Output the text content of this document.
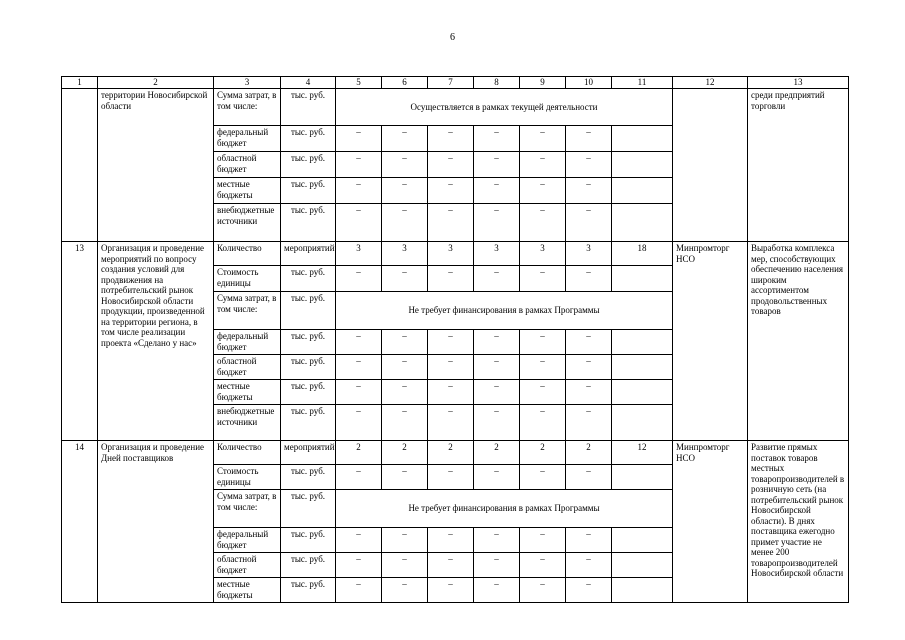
6
1	2	3	4	5	6	7	8	9	10	11	12	13
	территории Новосибирской области	Сумма затрат, в том числе:	тыс. руб.	Осуществляется в рамках текущей деятельности								среди предприятий торговли
		федеральный бюджет	тыс. руб.	–	–	–	–	–	–			
		областной бюджет	тыс. руб.	–	–	–	–	–	–			
		местные бюджеты	тыс. руб.	–	–	–	–	–	–			
		внебюджетные источники	тыс. руб.	–	–	–	–	–	–			
13	Организация и проведение мероприятий по вопросу создания условий для продвижения на потребительский рынок Новосибирской области продукции, произведенной на территории региона, в том числе реализации проекта «Сделано у нас»	Количество	мероприятий	3	3	3	3	3	3	18	Минпромторг НСО	Выработка комплекса мер, способствующих обеспечению населения широким ассортиментом продовольственных товаров
		Стоимость единицы	тыс. руб.	–	–	–	–	–	–			
		Сумма затрат, в том числе:	тыс. руб.	Не требует финансирования в рамках Программы								
		федеральный бюджет	тыс. руб.	–	–	–	–	–	–			
		областной бюджет	тыс. руб.	–	–	–	–	–	–			
		местные бюджеты	тыс. руб.	–	–	–	–	–	–			
		внебюджетные источники	тыс. руб.	–	–	–	–	–	–			
14	Организация и проведение Дней поставщиков	Количество	мероприятий	2	2	2	2	2	2	12	Минпромторг НСО	Развитие прямых поставок товаров местных товаропроизводителей в розничную сеть (на потребительский рынок Новосибирской области). В днях поставщика ежегодно примет участие не менее 200 товаропроизводителей Новосибирской области
		Стоимость единицы	тыс. руб.	–	–	–	–	–	–			
		Сумма затрат, в том числе:	тыс. руб.	Не требует финансирования в рамках Программы								
		федеральный бюджет	тыс. руб.	–	–	–	–	–	–			
		областной бюджет	тыс. руб.	–	–	–	–	–	–			
		местные бюджеты	тыс. руб.	–	–	–	–	–	–			
